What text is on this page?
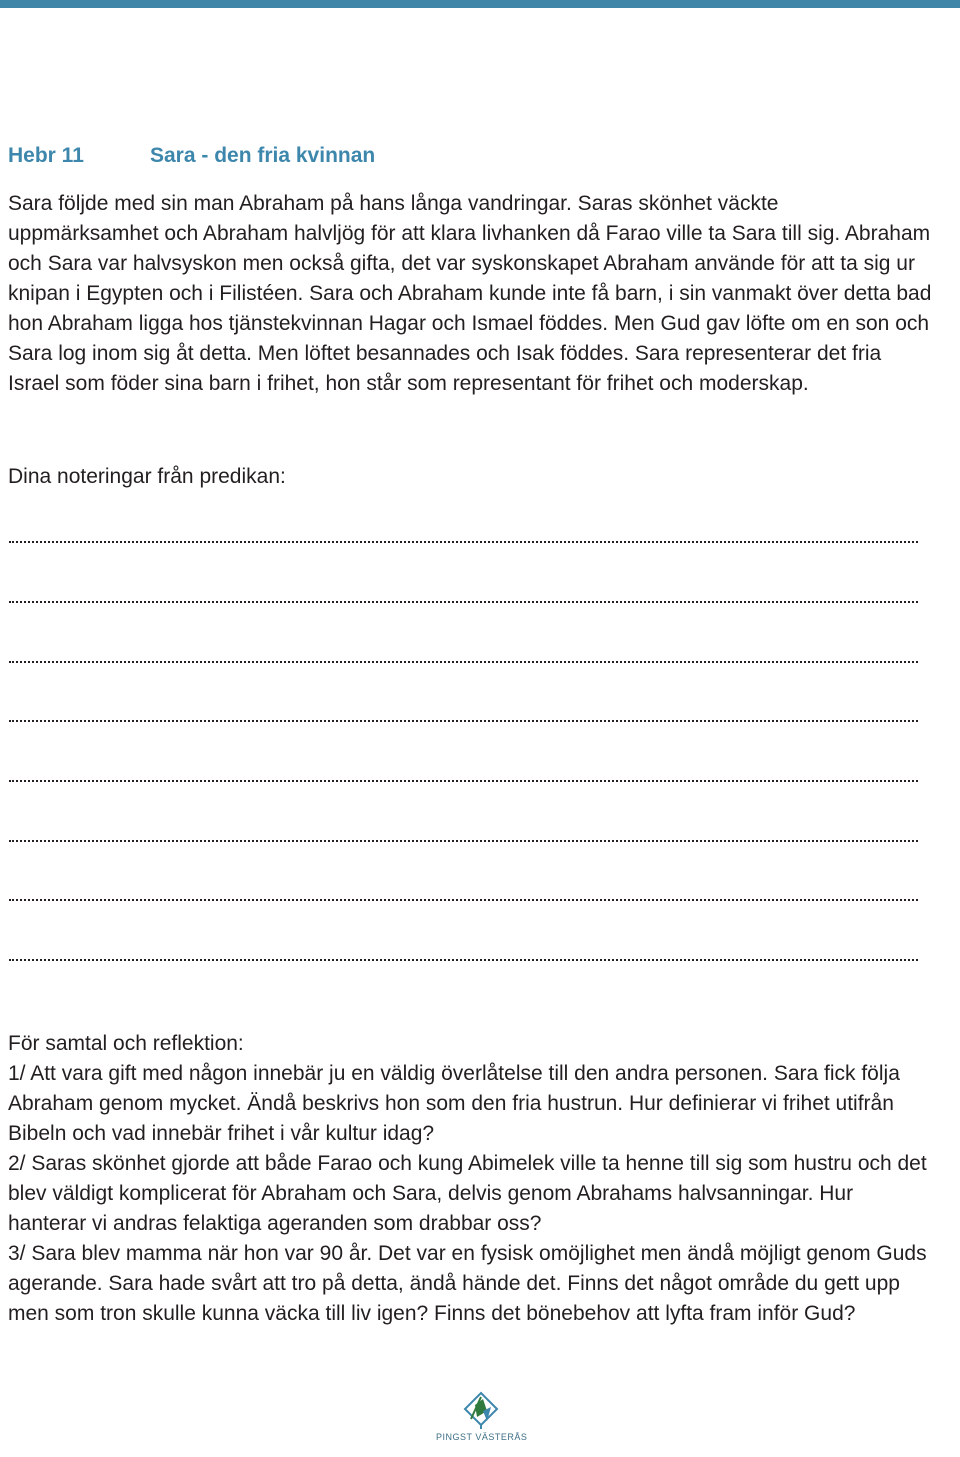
Hebr 11	Sara - den fria kvinnan

Sara följde med sin man Abraham på hans långa vandringar. Saras skönhet väckte uppmärksamhet och Abraham halvljög för att klara livhanken då Farao ville ta Sara till sig. Abraham och Sara var halvsyskon men också gifta, det var syskonskapet Abraham använde för att ta sig ur knipan i Egypten och i Filistéen. Sara och Abraham kunde inte få barn, i sin vanmakt över detta bad hon Abraham ligga hos tjänstekvinnan Hagar och Ismael föddes. Men Gud gav löfte om en son och Sara log inom sig åt detta. Men löftet besannades och Isak föddes. Sara representerar det fria Israel som föder sina barn i frihet, hon står som representant för frihet och moderskap.

Dina noteringar från predikan:

För samtal och reflektion:

1/ Att vara gift med någon innebär ju en väldig överlåtelse till den andra personen. Sara fick följa Abraham genom mycket. Ändå beskrivs hon som den fria hustrun. Hur definierar vi frihet utifrån Bibeln och vad innebär frihet i vår kultur idag?

2/ Saras skönhet gjorde att både Farao och kung Abimelek ville ta henne till sig som hustru och det blev väldigt komplicerat för Abraham och Sara, delvis genom Abrahams halvsanningar. Hur hanterar vi andras felaktiga ageranden som drabbar oss?

3/ Sara blev mamma när hon var 90 år. Det var en fysisk omöjlighet men ändå möjligt genom Guds agerande. Sara hade svårt att tro på detta, ändå hände det. Finns det något område du gett upp men som tron skulle kunna väcka till liv igen? Finns det bönebehov att lyfta fram inför Gud?

PINGST VÄSTERÅS
